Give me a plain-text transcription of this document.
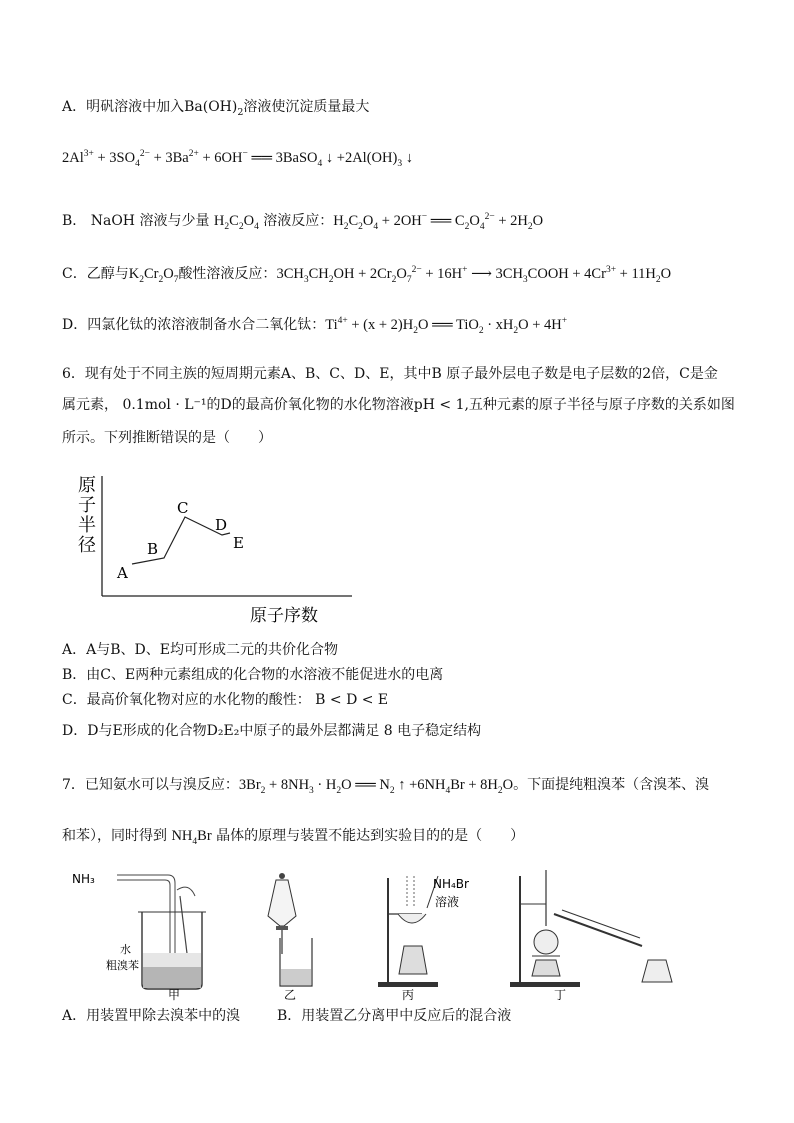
A．明矾溶液中加入$Ba(OH)_2$溶液使沉淀质量最大
$2Al^{3+} + 3SO_4^{2-} + 3Ba^{2+} + 6OH^-$ ══ 3BaSO$_4$ ↓ $+2Al(OH)_3$ ↓
B． NaOH 溶液与少量 $H_2C_2O_4$ 溶液反应：$H_2C_2O_4 + 2OH^-$ ══ $C_2O_4^{2-} + 2H_2O$
C．乙醇与$K_2Cr_2O_7$酸性溶液反应：$3CH_3CH_2OH + 2Cr_2O_7^{2-} + 16H^+$ ⟶ $3CH_3COOH + 4Cr^{3+} + 11H_2O$
D．四氯化钛的浓溶液制备水合二氧化钛：$Ti^{4+} + (x + 2)H_2O$ ══ $TiO_2 \cdot xH_2O + 4H^+$
6．现有处于不同主族的短周期元素A、B、C、D、E，其中B 原子最外层电子数是电子层数的2倍，C是金
属元素， 0.1mol · L⁻¹的D的最高价氧化物的水化物溶液pH < 1,五种元素的原子半径与原子序数的关系如图
所示。下列推断错误的是（　　）
原
子
半
径
A
B
C
D
E
原子序数
A．A与B、D、E均可形成二元的共价化合物
B．由C、E两种元素组成的化合物的水溶液不能促进水的电离
C．最高价氧化物对应的水化物的酸性： B < D < E
D．D与E形成的化合物D₂E₂中原子的最外层都满足 8 电子稳定结构
7．已知氨水可以与溴反应：$3Br_2 + 8NH_3 \cdot H_2O$ ══ $N_2$ ↑ $+6NH_4Br + 8H_2O$。下面提纯粗溴苯（含溴苯、溴
和苯），同时得到 $NH_4Br$ 晶体的原理与装置不能达到实验目的的是（　　）
NH₃
水
粗溴苯
甲	乙
NH₄Br
溶液
丙	丁
A．用装置甲除去溴苯中的溴	B．用装置乙分离甲中反应后的混合液
